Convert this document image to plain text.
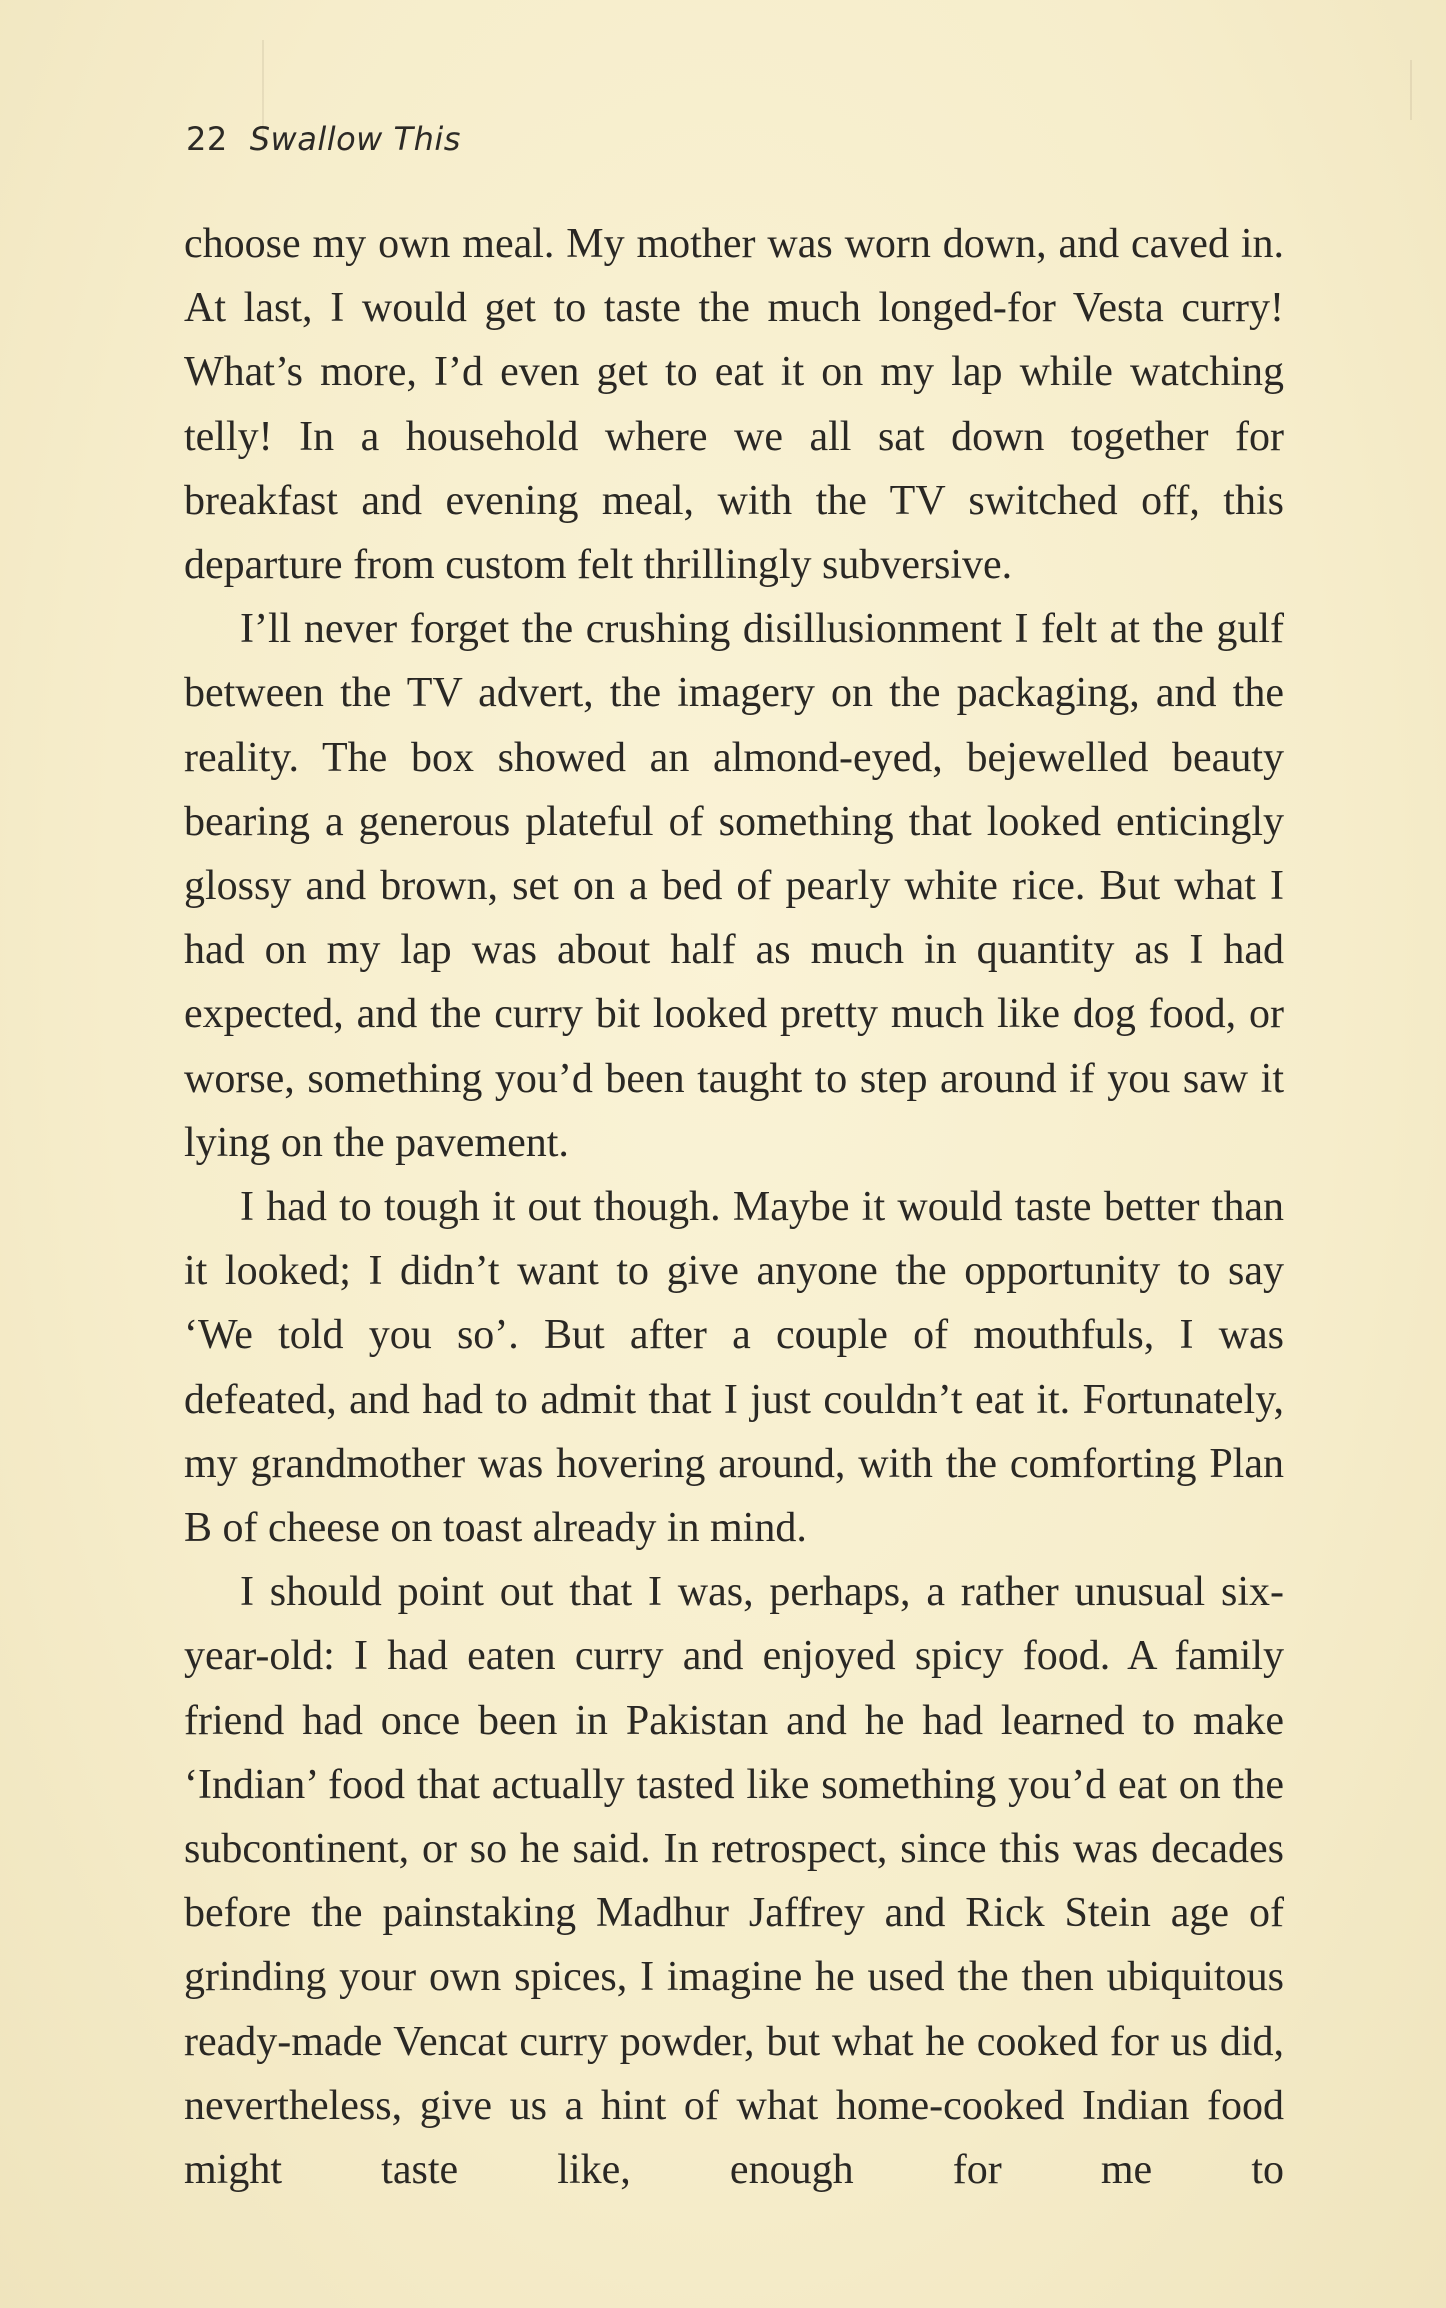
22 Swallow This

choose my own meal. My mother was worn down, and caved in. At last, I would get to taste the much longed-for Vesta curry! What’s more, I’d even get to eat it on my lap while watching telly! In a household where we all sat down together for breakfast and evening meal, with the TV switched off, this departure from custom felt thrillingly subversive.

I’ll never forget the crushing disillusionment I felt at the gulf between the TV advert, the imagery on the packaging, and the reality. The box showed an almond-eyed, bejewelled beauty bearing a generous plateful of something that looked enticingly glossy and brown, set on a bed of pearly white rice. But what I had on my lap was about half as much in quantity as I had expected, and the curry bit looked pretty much like dog food, or worse, something you’d been taught to step around if you saw it lying on the pavement.

I had to tough it out though. Maybe it would taste better than it looked; I didn’t want to give anyone the opportunity to say ‘We told you so’. But after a couple of mouthfuls, I was defeated, and had to admit that I just couldn’t eat it. Fortunately, my grandmother was hovering around, with the comforting Plan B of cheese on toast already in mind.

I should point out that I was, perhaps, a rather unusual six-year-old: I had eaten curry and enjoyed spicy food. A family friend had once been in Pakistan and he had learned to make ‘Indian’ food that actually tasted like something you’d eat on the subcontinent, or so he said. In retrospect, since this was decades before the painstaking Madhur Jaffrey and Rick Stein age of grinding your own spices, I imagine he used the then ubiquitous ready-made Vencat curry powder, but what he cooked for us did, nevertheless, give us a hint of what home-cooked Indian food might taste like, enough for me to
